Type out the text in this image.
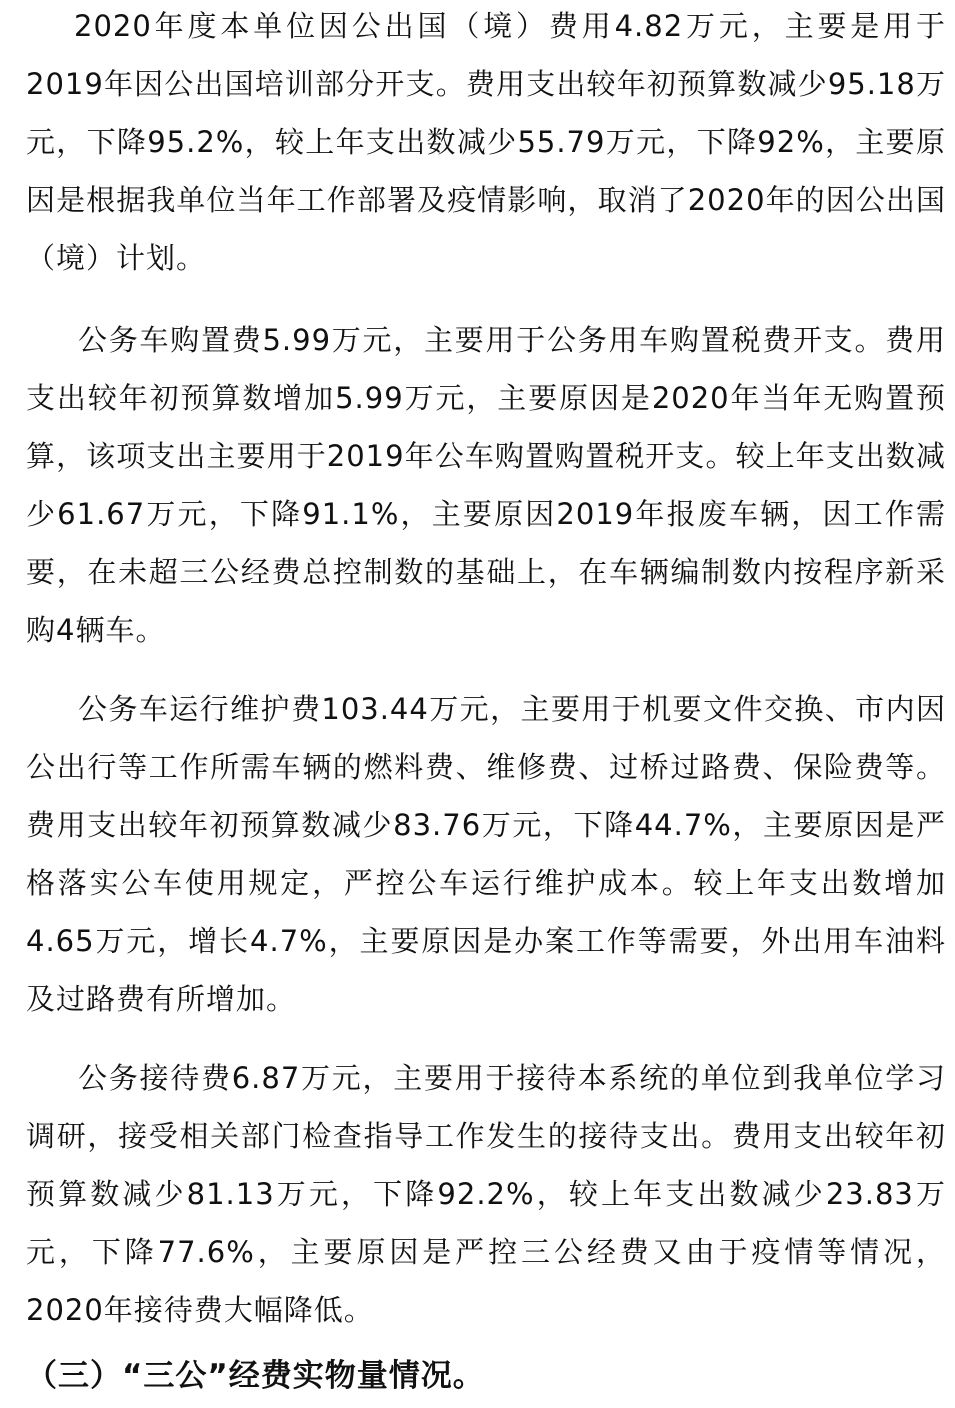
2020年度本单位因公出国（境）费用4.82万元，主要是用于2019年因公出国培训部分开支。费用支出较年初预算数减少95.18万元，下降95.2%，较上年支出数减少55.79万元，下降92%，主要原因是根据我单位当年工作部署及疫情影响，取消了2020年的因公出国（境）计划。

公务车购置费5.99万元，主要用于公务用车购置税费开支。费用支出较年初预算数增加5.99万元，主要原因是2020年当年无购置预算，该项支出主要用于2019年公车购置购置税开支。较上年支出数减少61.67万元，下降91.1%，主要原因2019年报废车辆，因工作需要，在未超三公经费总控制数的基础上，在车辆编制数内按程序新采购4辆车。

公务车运行维护费103.44万元，主要用于机要文件交换、市内因公出行等工作所需车辆的燃料费、维修费、过桥过路费、保险费等。费用支出较年初预算数减少83.76万元，下降44.7%，主要原因是严格落实公车使用规定，严控公车运行维护成本。较上年支出数增加4.65万元，增长4.7%，主要原因是办案工作等需要，外出用车油料及过路费有所增加。

公务接待费6.87万元，主要用于接待本系统的单位到我单位学习调研，接受相关部门检查指导工作发生的接待支出。费用支出较年初预算数减少81.13万元，下降92.2%，较上年支出数减少23.83万元，下降77.6%，主要原因是严控三公经费又由于疫情等情况，2020年接待费大幅降低。

（三）“三公”经费实物量情况。
